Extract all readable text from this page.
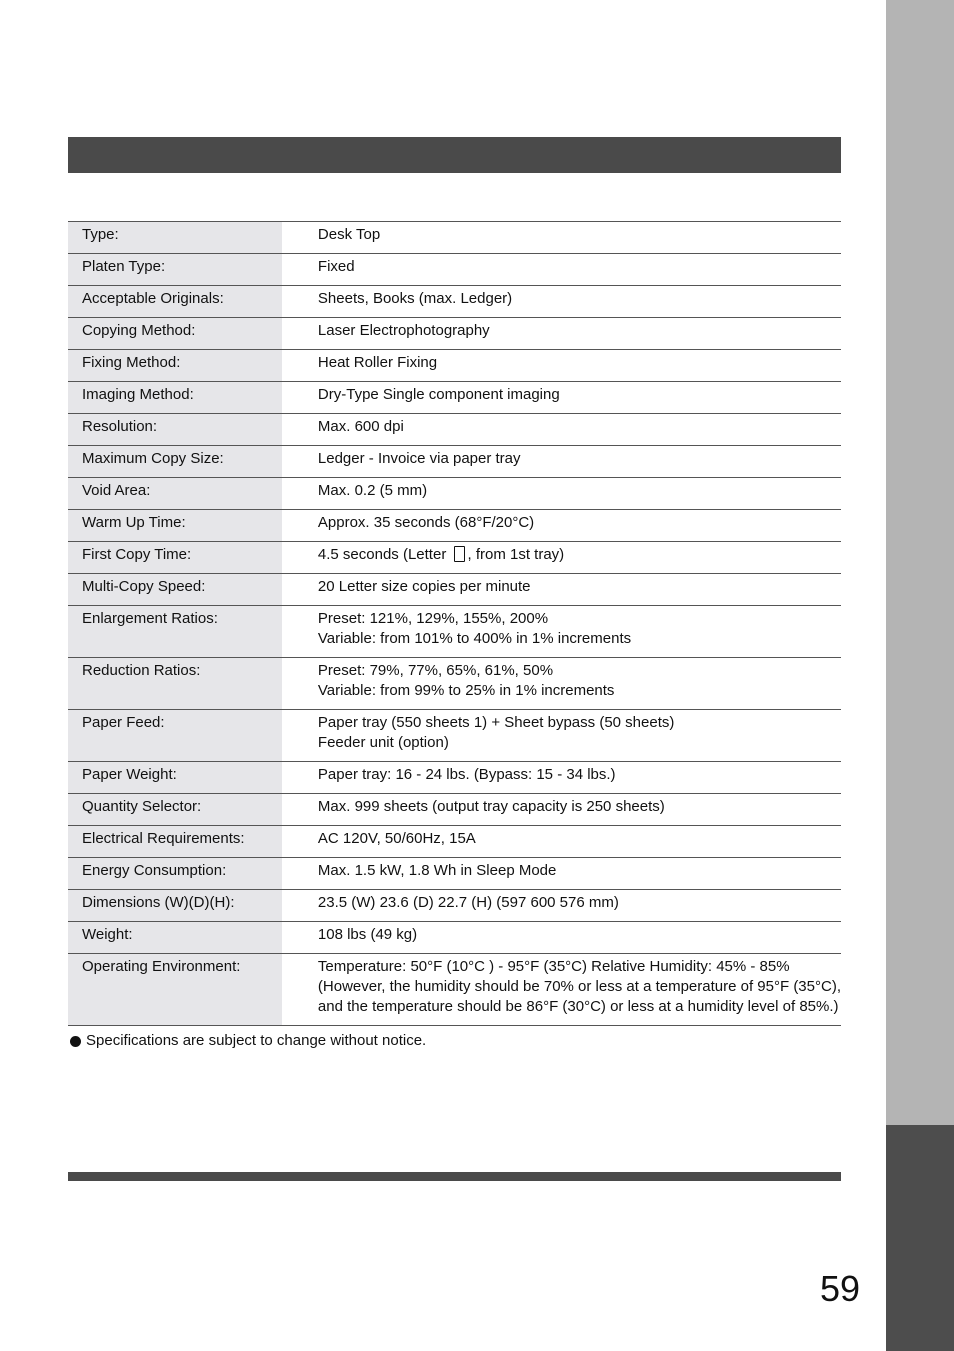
Type:	Desk Top

Platen Type:	Fixed

Acceptable Originals:	Sheets, Books (max. Ledger)

Copying Method:	Laser Electrophotography

Fixing Method:	Heat Roller Fixing

Imaging Method:	Dry-Type Single component imaging

Resolution:	Max. 600 dpi

Maximum Copy Size:	Ledger - Invoice via paper tray

Void Area:	Max. 0.2 (5 mm)

Warm Up Time:	Approx. 35 seconds (68°F/20°C)

First Copy Time:	4.5 seconds (Letter , from 1st tray)
Multi-Copy Speed:	20 Letter size copies per minute

Enlargement Ratios:	Preset: 121%, 129%, 155%, 200%
Variable: from 101% to 400% in 1% increments

Reduction Ratios:	Preset: 79%, 77%, 65%, 61%, 50%
Variable: from 99% to 25% in 1% increments

Paper Feed:	Paper tray (550 sheets 1) + Sheet bypass (50 sheets)
Feeder unit (option)

Paper Weight:	Paper tray: 16 - 24 lbs. (Bypass: 15 - 34 lbs.)

Quantity Selector:	Max. 999 sheets (output tray capacity is 250 sheets)

Electrical Requirements:	AC 120V, 50/60Hz, 15A

Energy Consumption:	Max. 1.5 kW, 1.8 Wh in Sleep Mode

Dimensions (W)(D)(H):	23.5 (W) 23.6 (D) 22.7 (H) (597 600 576 mm)

Weight:	108 lbs (49 kg)

Operating Environment:	Temperature: 50°F (10°C ) - 95°F (35°C) Relative Humidity: 45% - 85%
(However, the humidity should be 70% or less at a temperature of 95°F (35°C),
and the temperature should be 86°F (30°C) or less at a humidity level of 85%.)
Specifications are subject to change without notice.
59
